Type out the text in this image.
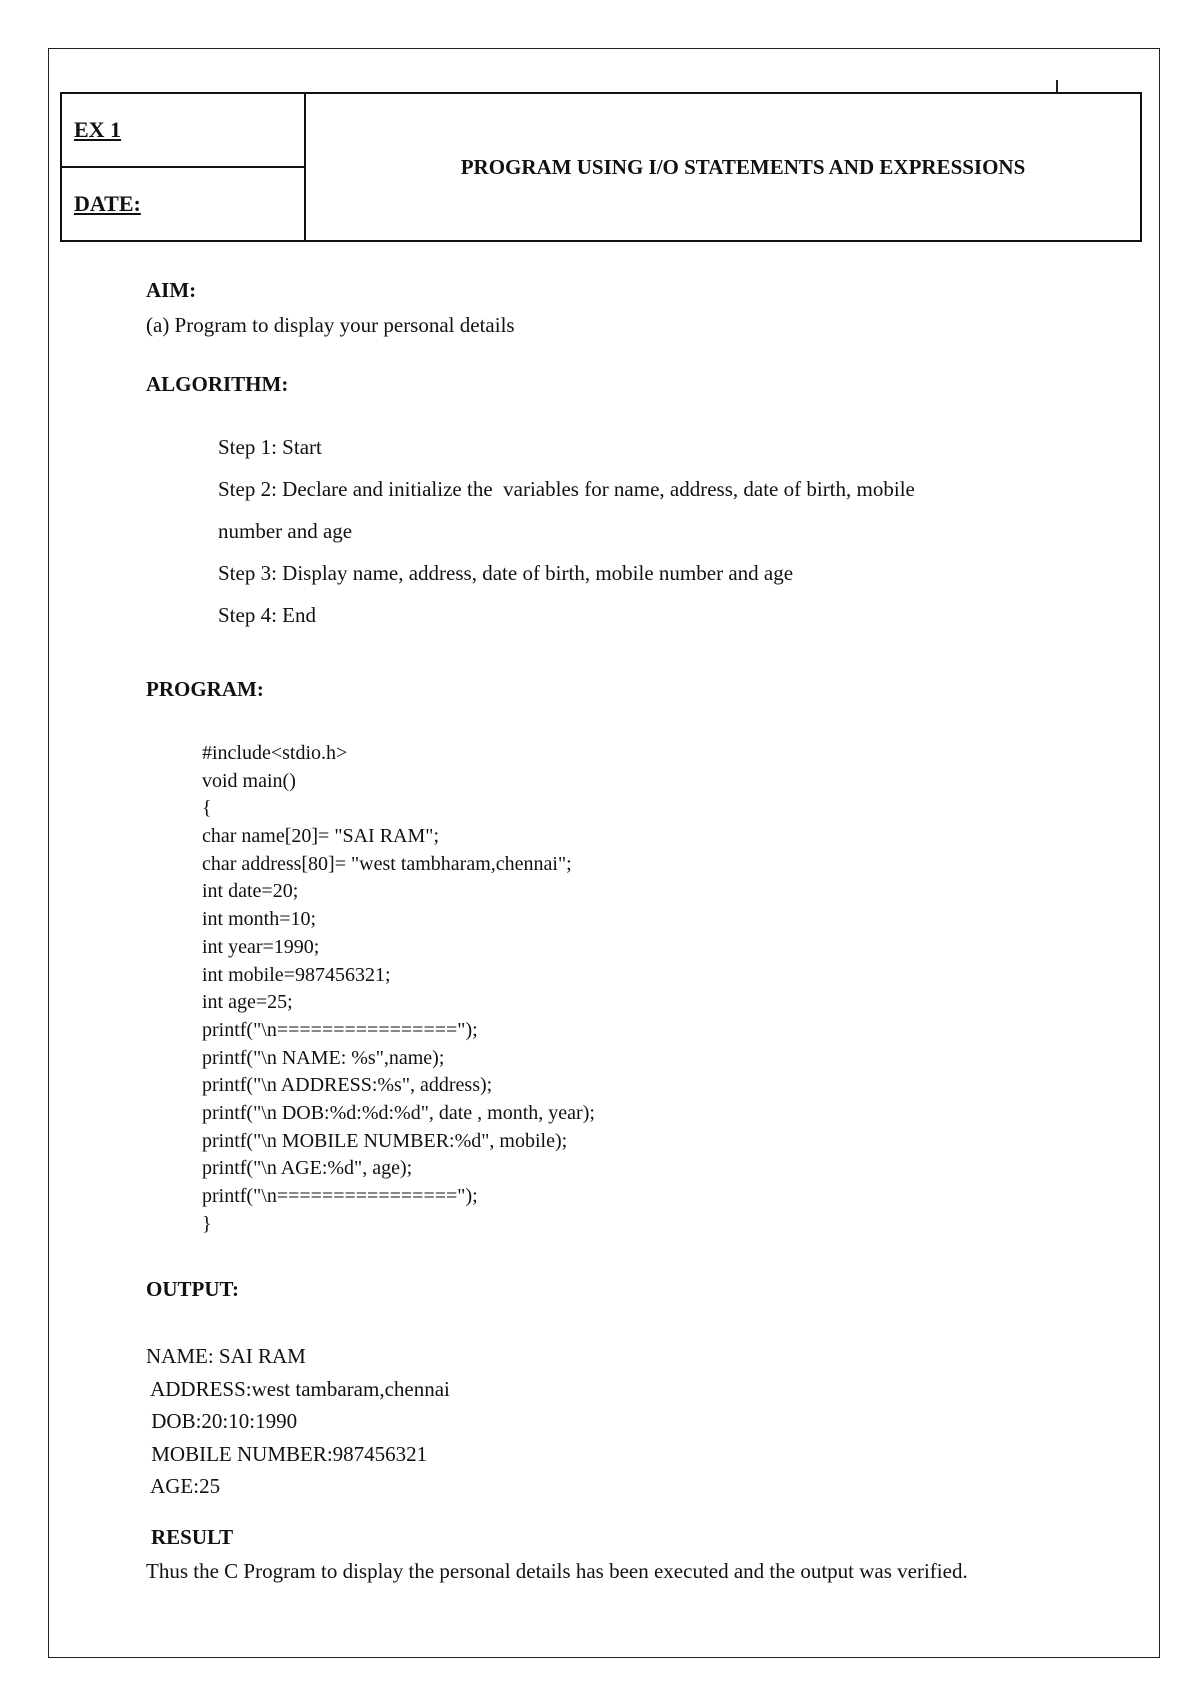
EX 1
DATE:
PROGRAM USING I/O STATEMENTS AND EXPRESSIONS
AIM:
(a) Program to display your personal details
ALGORITHM:
Step 1: Start
Step 2: Declare and initialize the  variables for name, address, date of birth, mobile
number and age
Step 3: Display name, address, date of birth, mobile number and age
Step 4: End
PROGRAM:
#include<stdio.h>
void main()
{
char name[20]= "SAI RAM";
char address[80]= "west tambharam,chennai";
int date=20;
int month=10;
int year=1990;
int mobile=987456321;
int age=25;
printf("\n================");
printf("\n NAME: %s",name);
printf("\n ADDRESS:%s", address);
printf("\n DOB:%d:%d:%d", date , month, year);
printf("\n MOBILE NUMBER:%d", mobile);
printf("\n AGE:%d", age);
printf("\n================");
}
OUTPUT:
NAME: SAI RAM
ADDRESS:west tambaram,chennai
DOB:20:10:1990
MOBILE NUMBER:987456321
AGE:25
RESULT
Thus the C Program to display the personal details has been executed and the output was verified.
